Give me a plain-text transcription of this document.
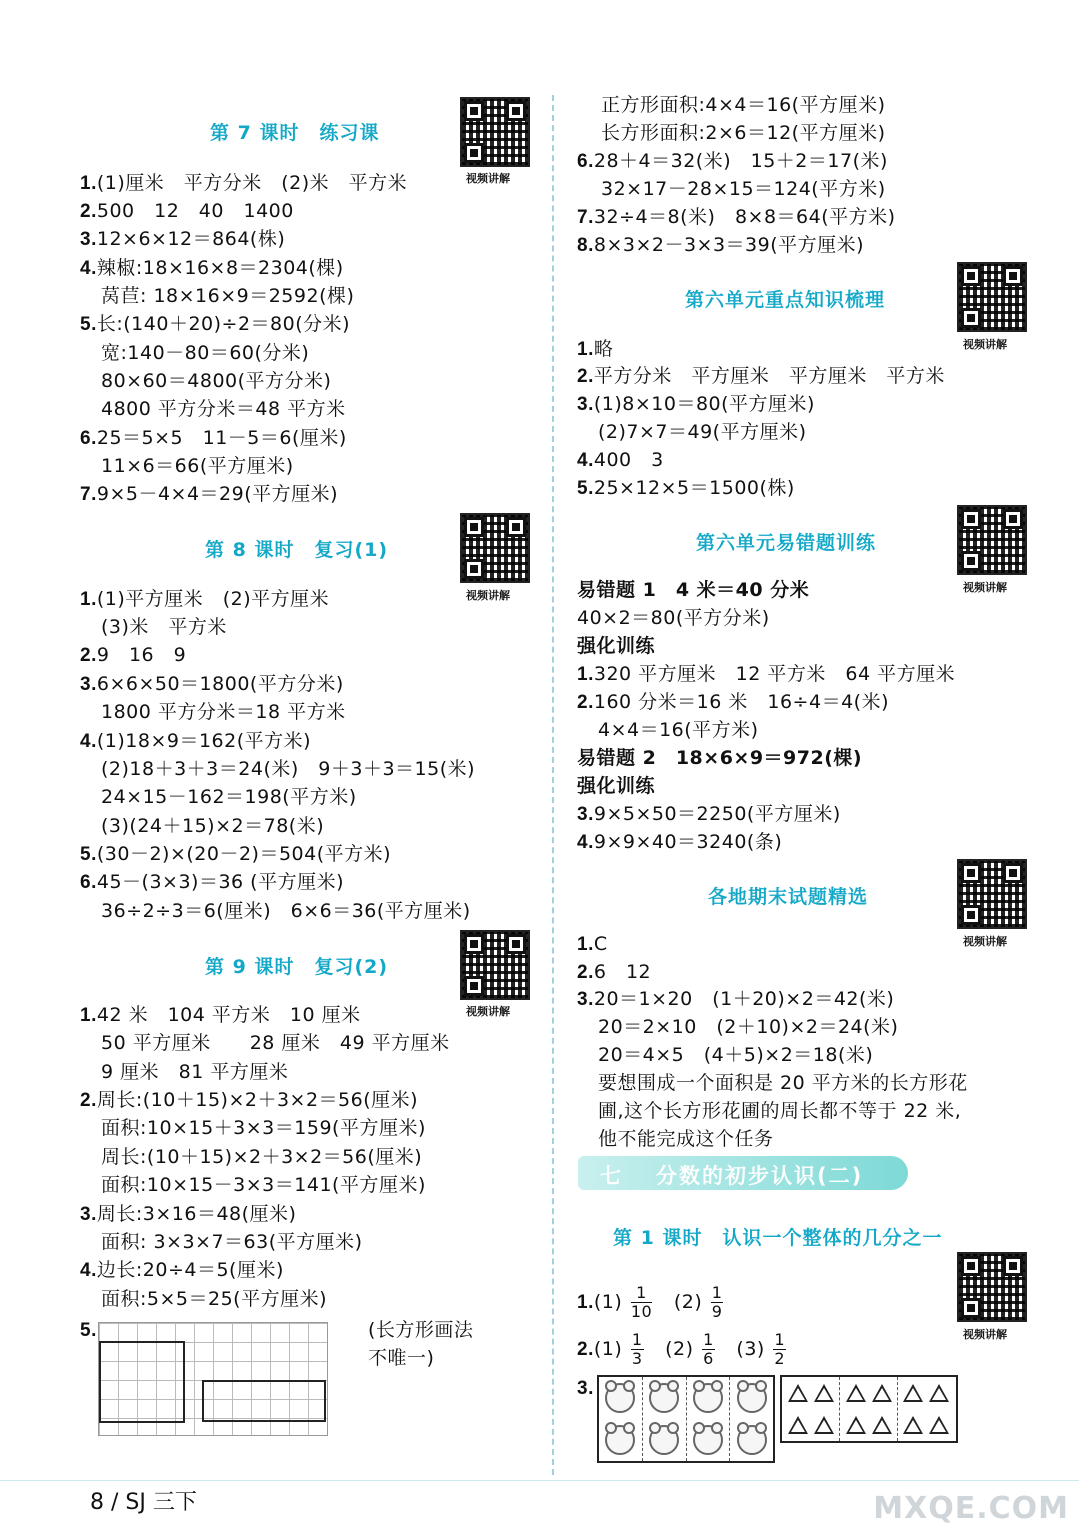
第 7 课时　练习课
视频讲解
1.(1)厘米　平方分米　(2)米　平方米
2.500　12　40　1400
3.12×6×12＝864(株)
4.辣椒:18×16×8＝2304(棵)
莴苣: 18×16×9＝2592(棵)
5.长:(140＋20)÷2＝80(分米)
宽:140－80＝60(分米)
80×60＝4800(平方分米)
4800 平方分米＝48 平方米
6.25＝5×5　11－5＝6(厘米)
11×6＝66(平方厘米)
7.9×5－4×4＝29(平方厘米)
第 8 课时　复习(1)
视频讲解
1.(1)平方厘米　(2)平方厘米
(3)米　平方米
2.9　16　9
3.6×6×50＝1800(平方分米)
1800 平方分米＝18 平方米
4.(1)18×9＝162(平方米)
(2)18＋3＋3＝24(米)　9＋3＋3＝15(米)
24×15－162＝198(平方米)
(3)(24＋15)×2＝78(米)
5.(30－2)×(20－2)＝504(平方米)
6.45－(3×3)＝36 (平方厘米)
36÷2÷3＝6(厘米)　6×6＝36(平方厘米)
第 9 课时　复习(2)
视频讲解
1.42 米　104 平方米　10 厘米
50 平方厘米　　28 厘米　49 平方厘米
9 厘米　81 平方厘米
2.周长:(10＋15)×2＋3×2＝56(厘米)
面积:10×15＋3×3＝159(平方厘米)
周长:(10＋15)×2＋3×2＝56(厘米)
面积:10×15－3×3＝141(平方厘米)
3.周长:3×16＝48(厘米)
面积: 3×3×7＝63(平方厘米)
4.边长:20÷4＝5(厘米)
面积:5×5＝25(平方厘米)
5.	(长方形画法
不唯一)
正方形面积:4×4＝16(平方厘米)
长方形面积:2×6＝12(平方厘米)
6.28＋4＝32(米)　15＋2＝17(米)
32×17－28×15＝124(平方米)
7.32÷4＝8(米)　8×8＝64(平方米)
8.8×3×2－3×3＝39(平方厘米)
第六单元重点知识梳理
视频讲解
1.略
2.平方分米　平方厘米　平方厘米　平方米
3.(1)8×10＝80(平方厘米)
(2)7×7＝49(平方厘米)
4.400　3
5.25×12×5＝1500(株)
第六单元易错题训练
视频讲解
易错题 1　4 米＝40 分米
40×2＝80(平方分米)
强化训练
1.320 平方厘米　12 平方米　64 平方厘米
2.160 分米＝16 米　16÷4＝4(米)
4×4＝16(平方米)
易错题 2　18×6×9＝972(棵)
强化训练
3.9×5×50＝2250(平方厘米)
4.9×9×40＝3240(条)
各地期末试题精选
视频讲解
1.C
2.6　12
3.20＝1×20　(1＋20)×2＝42(米)
20＝2×10　(2＋10)×2＝24(米)
20＝4×5　(4＋5)×2＝18(米)
要想围成一个面积是 20 平方米的长方形花
圃,这个长方形花圃的周长都不等于 22 米,
他不能完成这个任务
七 分数的初步认识(二)
第 1 课时　认识一个整体的几分之一
视频讲解
$1.(1) \frac{1}{10} (2) \frac{1}{9}$
$2.(1) \frac{1}{3} (2) \frac{1}{6} (3) \frac{1}{2}$
3.
8 / SJ 三下	MXQE.COM
